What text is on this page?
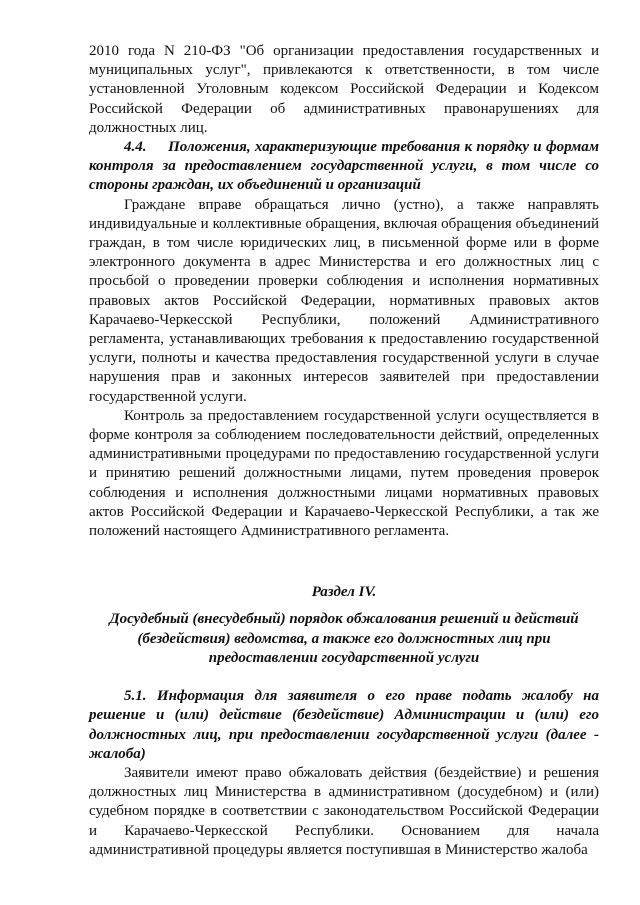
2010 года N 210-ФЗ "Об организации предоставления государственных и муниципальных услуг", привлекаются к ответственности, в том числе установленной Уголовным кодексом Российской Федерации и Кодексом Российской Федерации об административных правонарушениях для должностных лиц.

4.4.     Положения, характеризующие требования к порядку и формам контроля за предоставлением государственной услуги, в том числе со стороны граждан, их объединений и организаций

Граждане вправе обращаться лично (устно), а также направлять индивидуальные и коллективные обращения, включая обращения объединений граждан, в том числе юридических лиц, в письменной форме или в форме электронного документа в адрес Министерства и его должностных лиц с просьбой о проведении проверки соблюдения и исполнения нормативных правовых актов Российской Федерации, нормативных правовых актов Карачаево-Черкесской Республики, положений Административного регламента, устанавливающих требования к предоставлению государственной услуги, полноты и качества предоставления государственной услуги в случае нарушения прав и законных интересов заявителей при предоставлении государственной услуги.

Контроль за предоставлением государственной услуги осуществляется в форме контроля за соблюдением последовательности действий, определенных административными процедурами по предоставлению государственной услуги и принятию решений должностными лицами, путем проведения проверок соблюдения и исполнения должностными лицами нормативных правовых актов Российской Федерации и Карачаево-Черкесской Республики, а так же положений настоящего Административного регламента.

Раздел IV.

Досудебный (внесудебный) порядок обжалования решений и действий (бездействия) ведомства, а также его должностных лиц при предоставлении государственной услуги

5.1. Информация для заявителя о его праве подать жалобу на решение и (или) действие (бездействие) Администрации и (или) его должностных лиц, при предоставлении государственной услуги (далее - жалоба)

Заявители имеют право обжаловать действия (бездействие) и решения должностных лиц Министерства в административном (досудебном) и (или) судебном порядке в соответствии с законодательством Российской Федерации и Карачаево-Черкесской Республики. Основанием для начала административной процедуры является поступившая в Министерство жалоба
